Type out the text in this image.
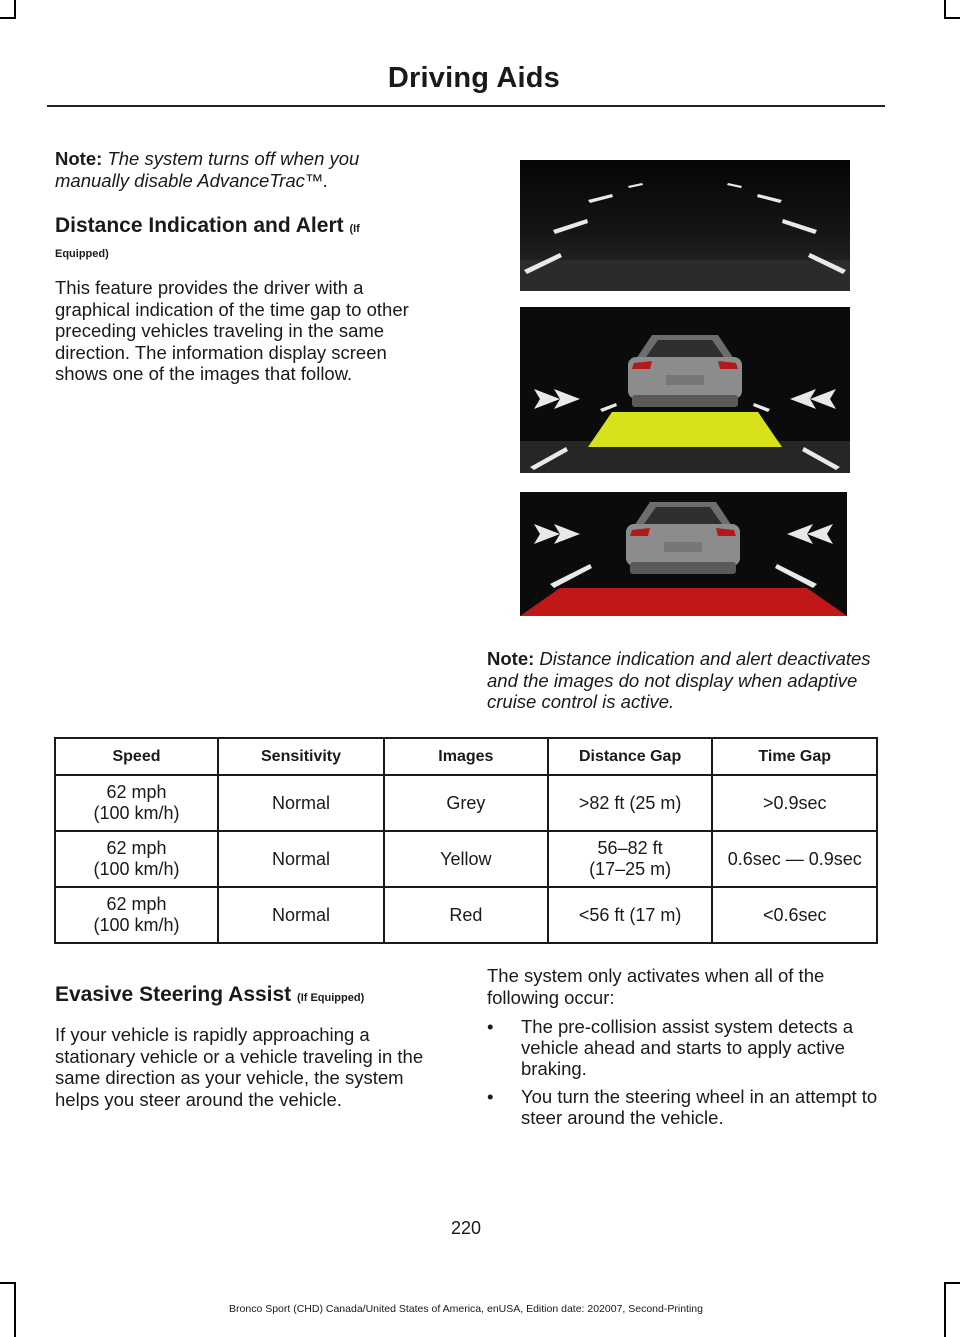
Driving Aids

Note: The system turns off when you manually disable AdvanceTrac™.

Distance Indication and Alert (If
Equipped)

This feature provides the driver with a graphical indication of the time gap to other preceding vehicles traveling in the same direction. The information display screen shows one of the images that follow.

Note: Distance indication and alert deactivates and the images do not display when adaptive cruise control is active.

Speed	Sensitivity	Images	Distance Gap	Time Gap
62 mph
(100 km/h)	Normal	Grey	>82 ft (25 m)	>0.9sec
62 mph
(100 km/h)	Normal	Yellow	56–82 ft
(17–25 m)	0.6sec — 0.9sec
62 mph
(100 km/h)	Normal	Red	<56 ft (17 m)	<0.6sec
Evasive Steering Assist (If Equipped)

If your vehicle is rapidly approaching a stationary vehicle or a vehicle traveling in the same direction as your vehicle, the system helps you steer around the vehicle.

The system only activates when all of the following occur:

• The pre-collision assist system detects a vehicle ahead and starts to apply active braking.
• You turn the steering wheel in an attempt to steer around the vehicle.
220
Bronco Sport (CHD) Canada/United States of America, enUSA, Edition date: 202007, Second-Printing
